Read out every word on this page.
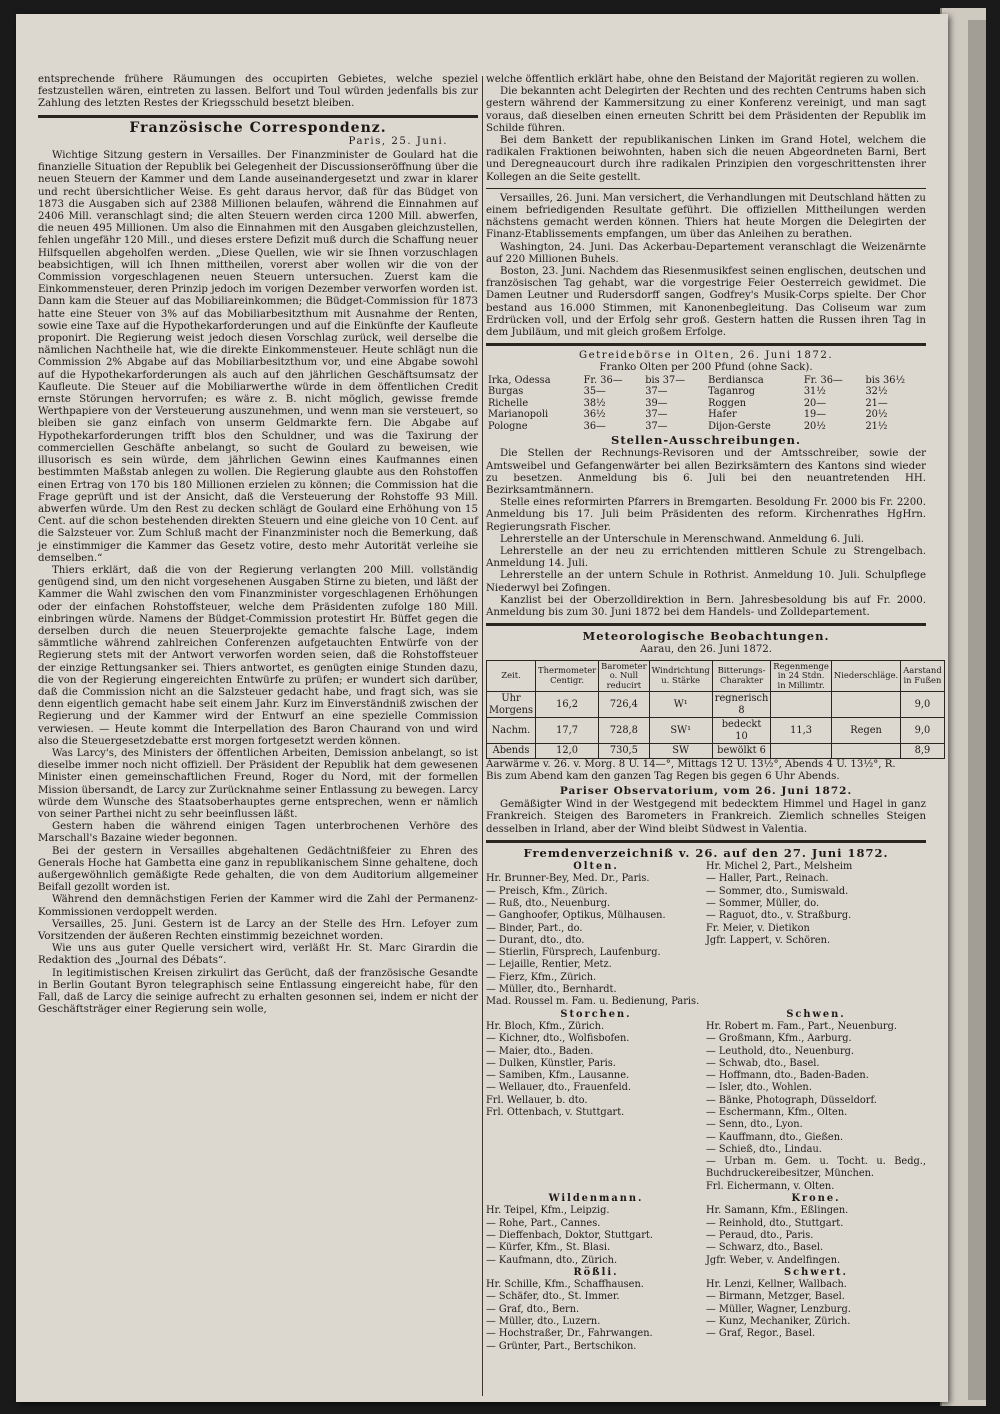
entsprechende frühere Räumungen des occupirten Gebietes, welche speziel festzustellen wären, eintreten zu lassen. Belfort und Toul würden jedenfalls bis zur Zahlung des letzten Restes der Kriegsschuld besetzt bleiben.

Französische Correspondenz.
Paris, 25. Juni.

Wichtige Sitzung gestern in Versailles. Der Finanzminister de Goulard hat die finanzielle Situation der Republik bei Gelegenheit der Discussionseröffnung über die neuen Steuern der Kammer und dem Lande auseinandergesetzt und zwar in klarer und recht übersichtlicher Weise. Es geht daraus hervor, daß für das Büdget von 1873 die Ausgaben sich auf 2388 Millionen belaufen, während die Einnahmen auf 2406 Mill. veranschlagt sind; die alten Steuern werden circa 1200 Mill. abwerfen, die neuen 495 Millionen. Um also die Einnahmen mit den Ausgaben gleichzustellen, fehlen ungefähr 120 Mill., und dieses erstere Defizit muß durch die Schaffung neuer Hilfsquellen abgeholfen werden. „Diese Quellen, wie wir sie Ihnen vorzuschlagen beabsichtigen, will ich Ihnen mittheilen, vorerst aber wollen wir die von der Commission vorgeschlagenen neuen Steuern untersuchen. Zuerst kam die Einkommensteuer, deren Prinzip jedoch im vorigen Dezember verworfen worden ist. Dann kam die Steuer auf das Mobiliareinkommen; die Büdget-Commission für 1873 hatte eine Steuer von 3% auf das Mobiliarbesitzthum mit Ausnahme der Renten, sowie eine Taxe auf die Hypothekarforderungen und auf die Einkünfte der Kaufleute proponirt. Die Regierung weist jedoch diesen Vorschlag zurück, weil derselbe die nämlichen Nachtheile hat, wie die direkte Einkommensteuer. Heute schlägt nun die Commission 2% Abgabe auf das Mobiliarbesitzthum vor, und eine Abgabe sowohl auf die Hypothekarforderungen als auch auf den jährlichen Geschäftsumsatz der Kaufleute. Die Steuer auf die Mobiliarwerthe würde in dem öffentlichen Credit ernste Störungen hervorrufen; es wäre z. B. nicht möglich, gewisse fremde Werthpapiere von der Versteuerung auszunehmen, und wenn man sie versteuert, so bleiben sie ganz einfach von unserm Geldmarkte fern. Die Abgabe auf Hypothekarforderungen trifft blos den Schuldner, und was die Taxirung der commerciellen Geschäfte anbelangt, so sucht de Goulard zu beweisen, wie illusorisch es sein würde, dem jährlichen Gewinn eines Kaufmannes einen bestimmten Maßstab anlegen zu wollen. Die Regierung glaubte aus den Rohstoffen einen Ertrag von 170 bis 180 Millionen erzielen zu können; die Commission hat die Frage geprüft und ist der Ansicht, daß die Versteuerung der Rohstoffe 93 Mill. abwerfen würde. Um den Rest zu decken schlägt de Goulard eine Erhöhung von 15 Cent. auf die schon bestehenden direkten Steuern und eine gleiche von 10 Cent. auf die Salzsteuer vor. Zum Schluß macht der Finanzminister noch die Bemerkung, daß je einstimmiger die Kammer das Gesetz votire, desto mehr Autorität verleihe sie demselben.“

Thiers erklärt, daß die von der Regierung verlangten 200 Mill. vollständig genügend sind, um den nicht vorgesehenen Ausgaben Stirne zu bieten, und läßt der Kammer die Wahl zwischen den vom Finanzminister vorgeschlagenen Erhöhungen oder der einfachen Rohstoffsteuer, welche dem Präsidenten zufolge 180 Mill. einbringen würde. Namens der Büdget-Commission protestirt Hr. Büffet gegen die derselben durch die neuen Steuerprojekte gemachte falsche Lage, indem sämmtliche während zahlreichen Conferenzen aufgetauchten Entwürfe von der Regierung stets mit der Antwort verworfen worden seien, daß die Rohstoffsteuer der einzige Rettungsanker sei. Thiers antwortet, es genügten einige Stunden dazu, die von der Regierung eingereichten Entwürfe zu prüfen; er wundert sich darüber, daß die Commission nicht an die Salzsteuer gedacht habe, und fragt sich, was sie denn eigentlich gemacht habe seit einem Jahr. Kurz im Einverständniß zwischen der Regierung und der Kammer wird der Entwurf an eine spezielle Commission verwiesen. — Heute kommt die Interpellation des Baron Chaurand von und wird also die Steuergesetzdebatte erst morgen fortgesetzt werden können.

Was Larcy's, des Ministers der öffentlichen Arbeiten, Demission anbelangt, so ist dieselbe immer noch nicht offiziell. Der Präsident der Republik hat dem gewesenen Minister einen gemeinschaftlichen Freund, Roger du Nord, mit der formellen Mission übersandt, de Larcy zur Zurücknahme seiner Entlassung zu bewegen. Larcy würde dem Wunsche des Staatsoberhauptes gerne entsprechen, wenn er nämlich von seiner Parthei nicht zu sehr beeinflussen läßt.

Gestern haben die während einigen Tagen unterbrochenen Verhöre des Marschall's Bazaine wieder begonnen.

Bei der gestern in Versailles abgehaltenen Gedächtnißfeier zu Ehren des Generals Hoche hat Gambetta eine ganz in republikanischem Sinne gehaltene, doch außergewöhnlich gemäßigte Rede gehalten, die von dem Auditorium allgemeiner Beifall gezollt worden ist.

Während den demnächstigen Ferien der Kammer wird die Zahl der Permanenz-Kommissionen verdoppelt werden.

Versailles, 25. Juni. Gestern ist de Larcy an der Stelle des Hrn. Lefoyer zum Vorsitzenden der äußeren Rechten einstimmig bezeichnet worden.

Wie uns aus guter Quelle versichert wird, verläßt Hr. St. Marc Girardin die Redaktion des „Journal des Débats“.

In legitimistischen Kreisen zirkulirt das Gerücht, daß der französische Gesandte in Berlin Goutant Byron telegraphisch seine Entlassung eingereicht habe, für den Fall, daß de Larcy die seinige aufrecht zu erhalten gesonnen sei, indem er nicht der Geschäftsträger einer Regierung sein wolle,

welche öffentlich erklärt habe, ohne den Beistand der Majorität regieren zu wollen.

Die bekannten acht Delegirten der Rechten und des rechten Centrums haben sich gestern während der Kammersitzung zu einer Konferenz vereinigt, und man sagt voraus, daß dieselben einen erneuten Schritt bei dem Präsidenten der Republik im Schilde führen.

Bei dem Bankett der republikanischen Linken im Grand Hotel, welchem die radikalen Fraktionen beiwohnten, haben sich die neuen Abgeordneten Barni, Bert und Deregneaucourt durch ihre radikalen Prinzipien den vorgeschrittensten ihrer Kollegen an die Seite gestellt.

Versailles, 26. Juni. Man versichert, die Verhandlungen mit Deutschland hätten zu einem befriedigenden Resultate geführt. Die offiziellen Mittheilungen werden nächstens gemacht werden können. Thiers hat heute Morgen die Delegirten der Finanz-Etablissements empfangen, um über das Anleihen zu berathen.

Washington, 24. Juni. Das Ackerbau-Departement veranschlagt die Weizenärnte auf 220 Millionen Buhels.

Boston, 23. Juni. Nachdem das Riesenmusikfest seinen englischen, deutschen und französischen Tag gehabt, war die vorgestrige Feier Oesterreich gewidmet. Die Damen Leutner und Rudersdorff sangen, Godfrey's Musik-Corps spielte. Der Chor bestand aus 16.000 Stimmen, mit Kanonenbegleitung. Das Coliseum war zum Erdrücken voll, und der Erfolg sehr groß. Gestern hatten die Russen ihren Tag in dem Jubiläum, und mit gleich großem Erfolge.

Getreidebörse in Olten, 26. Juni 1872.
Franko Olten per 200 Pfund (ohne Sack).
Irka, Odessa	Fr. 36—	bis 37—	Berdiansca	Fr. 36—	bis 36½
Burgas	35—	37—	Taganrog	31½	32½
Richelle	38½	39—	Roggen	20—	21—
Marianopoli	36½	37—	Hafer	19—	20½
Pologne	36—	37—	Dijon-Gerste	20½	21½
Stellen-Ausschreibungen.

Die Stellen der Rechnungs-Revisoren und der Amtsschreiber, sowie der Amtsweibel und Gefangenwärter bei allen Bezirksämtern des Kantons sind wieder zu besetzen. Anmeldung bis 6. Juli bei den neuantretenden HH. Bezirksamtmännern.

Stelle eines reformirten Pfarrers in Bremgarten. Besoldung Fr. 2000 bis Fr. 2200. Anmeldung bis 17. Juli beim Präsidenten des reform. Kirchenrathes HgHrn. Regierungsrath Fischer.

Lehrerstelle an der Unterschule in Merenschwand. Anmeldung 6. Juli.

Lehrerstelle an der neu zu errichtenden mittleren Schule zu Strengelbach. Anmeldung 14. Juli.

Lehrerstelle an der untern Schule in Rothrist. Anmeldung 10. Juli. Schulpflege Niederwyl bei Zofingen.

Kanzlist bei der Oberzolldirektion in Bern. Jahresbesoldung bis auf Fr. 2000. Anmeldung bis zum 30. Juni 1872 bei dem Handels- und Zolldepartement.

Meteorologische Beobachtungen.
Aarau, den 26. Juni 1872.
Zeit.	Thermometer Centigr.	Barometer o. Null reducirt	Windrichtung u. Stärke	Bitterungs-Charakter	Regenmenge in 24 Stdn. in Millimtr.	Niederschläge.	Aarstand in Fußen
Uhr Morgens	16,2	726,4	W¹	regnerisch 8			9,0
Nachm.	17,7	728,8	SW¹	bedeckt 10	11,3	Regen	9,0
Abends	12,0	730,5	SW	bewölkt 6			8,9

Aarwärme v. 26. v. Morg. 8 U. 14—°, Mittags 12 U. 13½°, Abends 4 U. 13½°, R.

Bis zum Abend kam den ganzen Tag Regen bis gegen 6 Uhr Abends.

Pariser Observatorium, vom 26. Juni 1872.

Gemäßigter Wind in der Westgegend mit bedecktem Himmel und Hagel in ganz Frankreich. Steigen des Barometers in Frankreich. Ziemlich schnelles Steigen desselben in Irland, aber der Wind bleibt Südwest in Valentia.

Fremdenverzeichniß v. 26. auf den 27. Juni 1872.
Olten.
Hr. Brunner-Bey, Med. Dr., Paris.
— Preisch, Kfm., Zürich.
— Ruß, dto., Neuenburg.
— Ganghoofer, Optikus, Mülhausen.
— Binder, Part., do.
— Durant, dto., dto.
— Stierlin, Fürsprech, Laufenburg.
— Lejaille, Rentier, Metz.
— Fierz, Kfm., Zürich.
— Müller, dto., Bernhardt.
Mad. Roussel m. Fam. u. Bedienung, Paris.
Hr. Michel 2, Part., Melsheim
— Haller, Part., Reinach.
— Sommer, dto., Sumiswald.
— Sommer, Müller, do.
— Raguot, dto., v. Straßburg.
Fr. Meier, v. Dietikon
Jgfr. Lappert, v. Schören.
Storchen.
Hr. Bloch, Kfm., Zürich.
— Kichner, dto., Wolfisbofen.
— Maier, dto., Baden.
— Dulken, Künstler, Paris.
— Samiben, Kfm., Lausanne.
— Wellauer, dto., Frauenfeld.
Frl. Wellauer, b. dto.
Frl. Ottenbach, v. Stuttgart.
Schwen.
Hr. Robert m. Fam., Part., Neuenburg.
— Großmann, Kfm., Aarburg.
— Leuthold, dto., Neuenburg.
— Schwab, dto., Basel.
— Hoffmann, dto., Baden-Baden.
— Isler, dto., Wohlen.
— Bänke, Photograph, Düsseldorf.
— Eschermann, Kfm., Olten.
— Senn, dto., Lyon.
— Kauffmann, dto., Gießen.
— Schieß, dto., Lindau.
— Urban m. Gem. u. Tocht. u. Bedg., Buchdruckereibesitzer, München.
Frl. Eichermann, v. Olten.
Wildenmann.
Hr. Teipel, Kfm., Leipzig.
— Rohe, Part., Cannes.
— Dieffenbach, Doktor, Stuttgart.
— Kürfer, Kfm., St. Blasi.
— Kaufmann, dto., Zürich.
Krone.
Hr. Samann, Kfm., Eßlingen.
— Reinhold, dto., Stuttgart.
— Peraud, dto., Paris.
— Schwarz, dto., Basel.
Jgfr. Weber, v. Andelfingen.
Rößli.
Hr. Schille, Kfm., Schaffhausen.
— Schäfer, dto., St. Immer.
— Graf, dto., Bern.
— Müller, dto., Luzern.
— Hochstraßer, Dr., Fahrwangen.
— Grünter, Part., Bertschikon.
Schwert.
Hr. Lenzi, Kellner, Wallbach.
— Birmann, Metzger, Basel.
— Müller, Wagner, Lenzburg.
— Kunz, Mechaniker, Zürich.
— Graf, Regor., Basel.
